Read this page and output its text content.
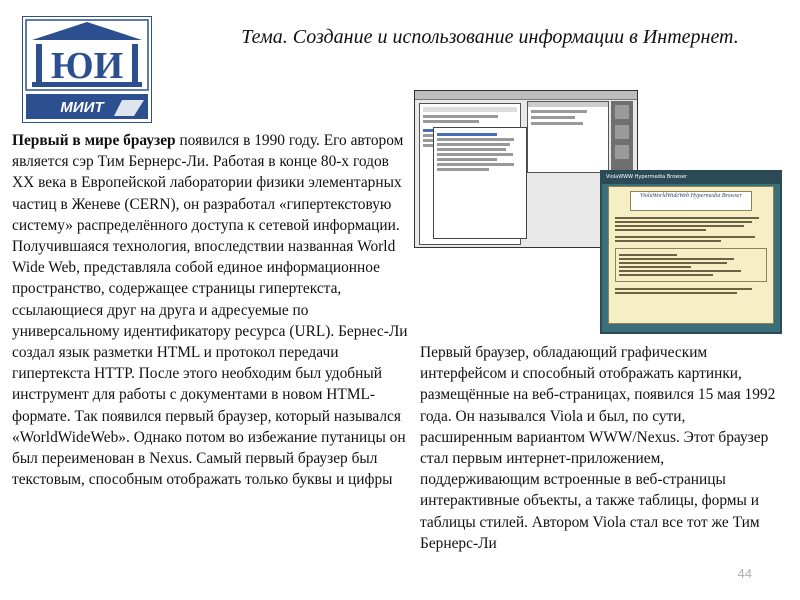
ЮИ
МИИТ
Тема. Создание и использование информации в Интернет.
Первый в мире браузер появился в 1990 году. Его автором является сэр Тим Бернерс-Ли. Работая в конце 80-х годов XX века в Европейской лаборатории физики элементарных частиц в Женеве (CERN), он разработал «гипертекстовую систему» распределённого доступа к сетевой информации. Получившаяся технология, впоследствии названная World Wide Web, представляла собой единое информационное пространство, содержащее страницы гипертекста, ссылающиеся друг на друга и адресуемые по универсальному идентификатору ресурса (URL). Бернес-Ли создал язык разметки HTML и протокол передачи гипертекста HTTP. После этого необходим был удобный инструмент для работы с документами в новом HTML-формате. Так появился первый браузер, который назывался «WorldWideWeb». Однако потом во избежание путаницы он был переименован в Nexus. Самый первый браузер был текстовым, способным отображать только буквы и цифры
ViolaWWW Hypermedia Browser
ViolaWorldWideWeb Hypermedia Browser
Первый браузер, обладающий графическим интерфейсом и способный отображать картинки, размещённые на веб-страницах, появился 15 мая 1992 года. Он назывался Viola и был, по сути, расширенным вариантом WWW/Nexus. Этот браузер стал первым интернет-приложением, поддерживающим встроенные в веб-страницы интерактивные объекты, а также таблицы, формы и таблицы стилей. Автором Viola стал все тот же Тим Бернерс-Ли
44
